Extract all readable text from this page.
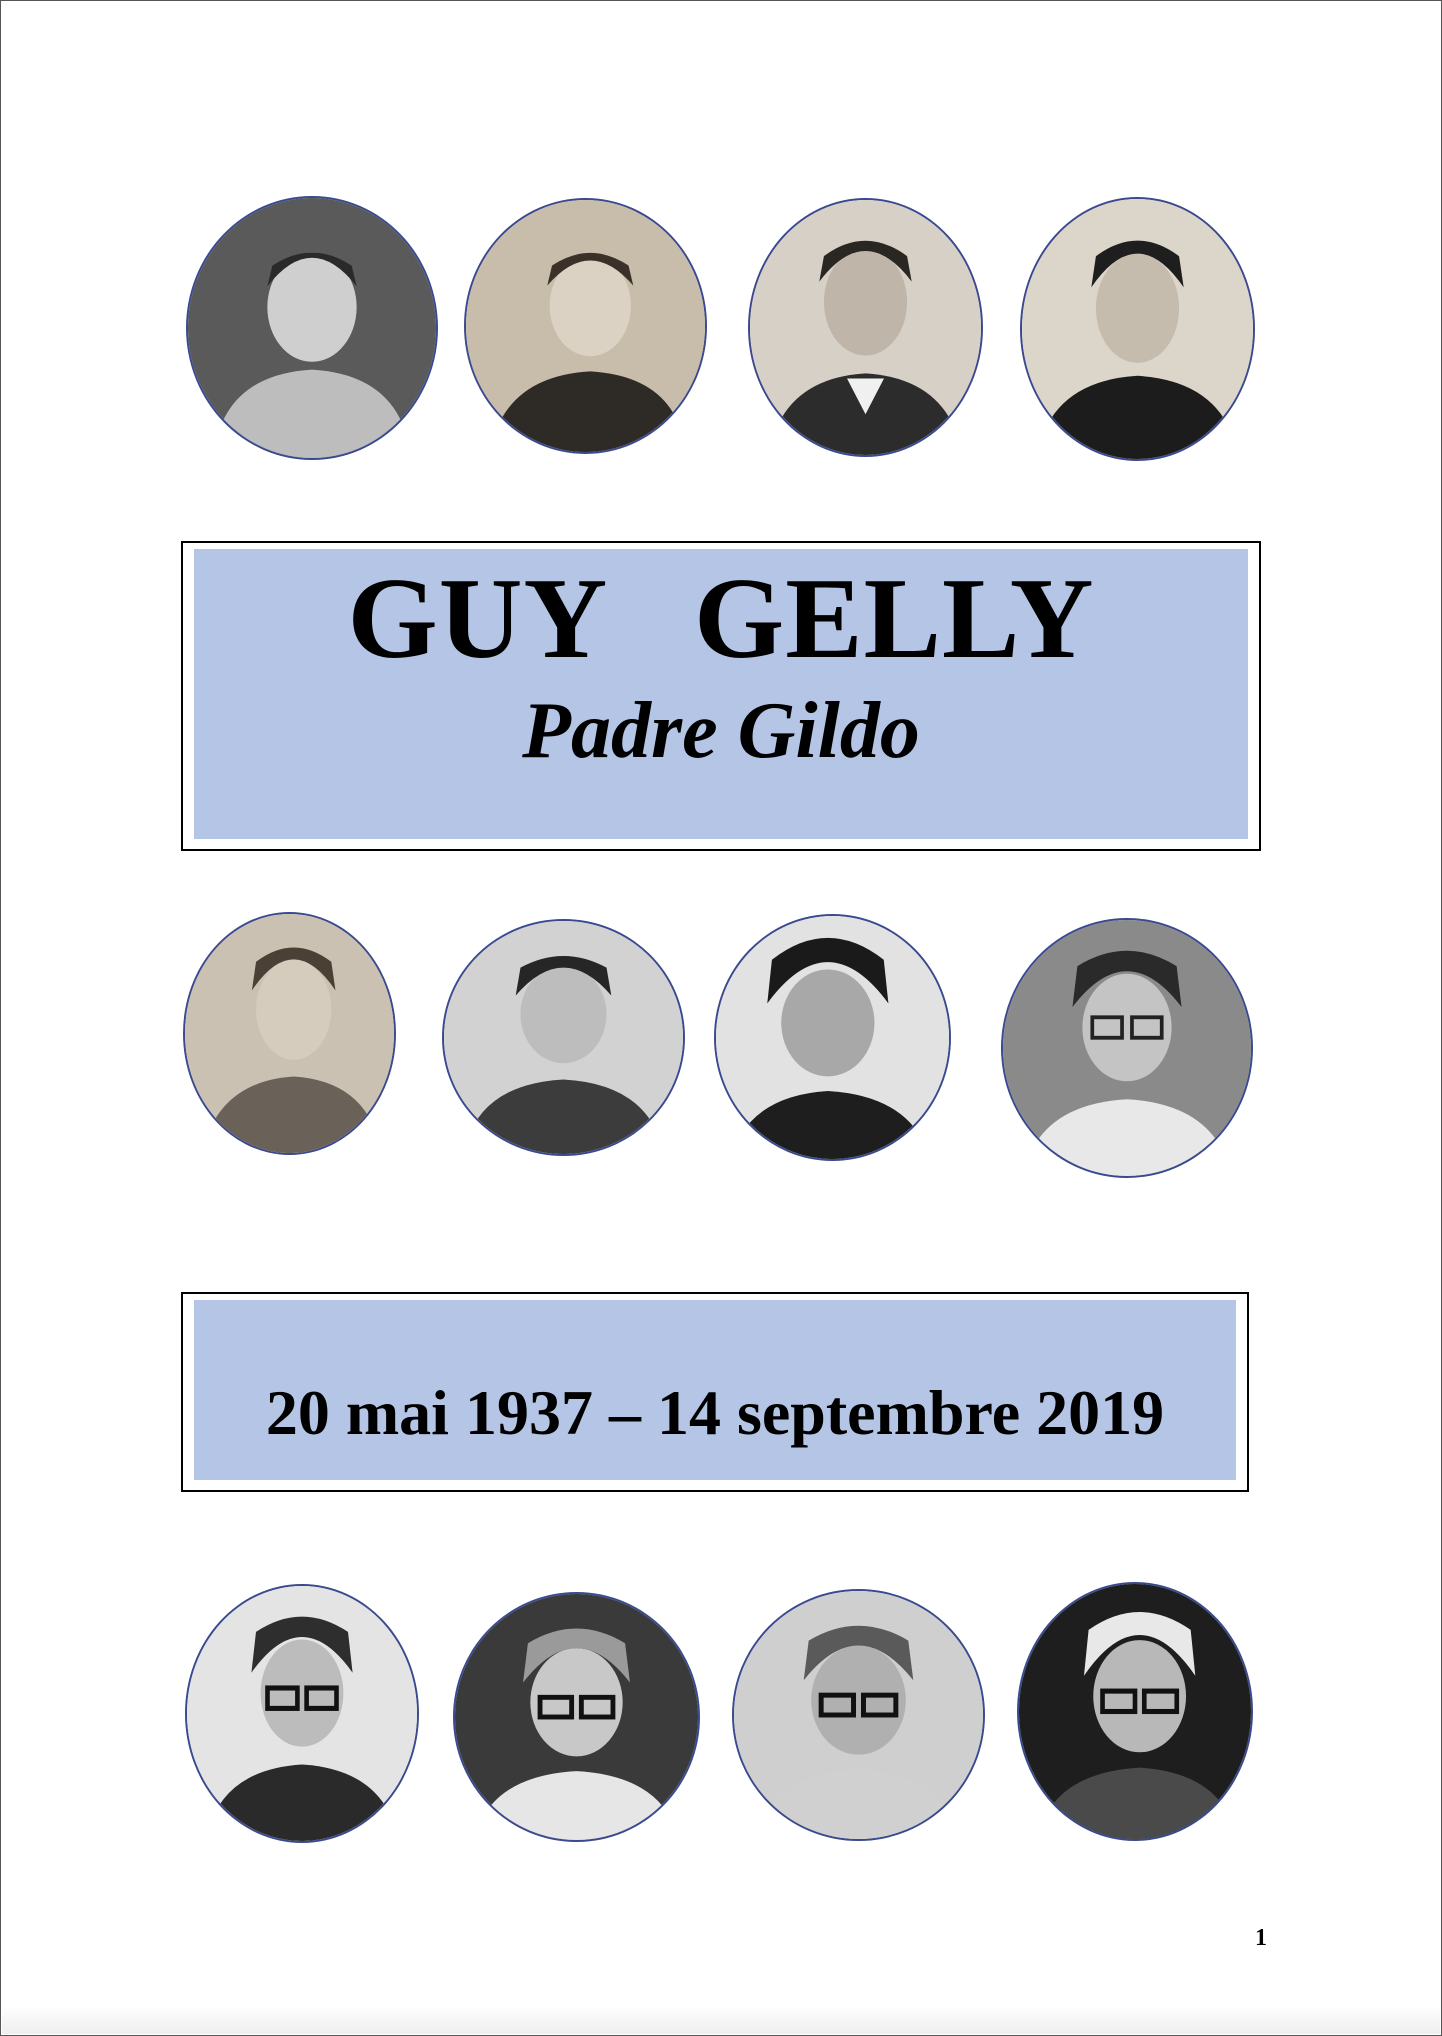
GUY GELLY
Padre Gildo
20 mai 1937 – 14 septembre 2019
1
